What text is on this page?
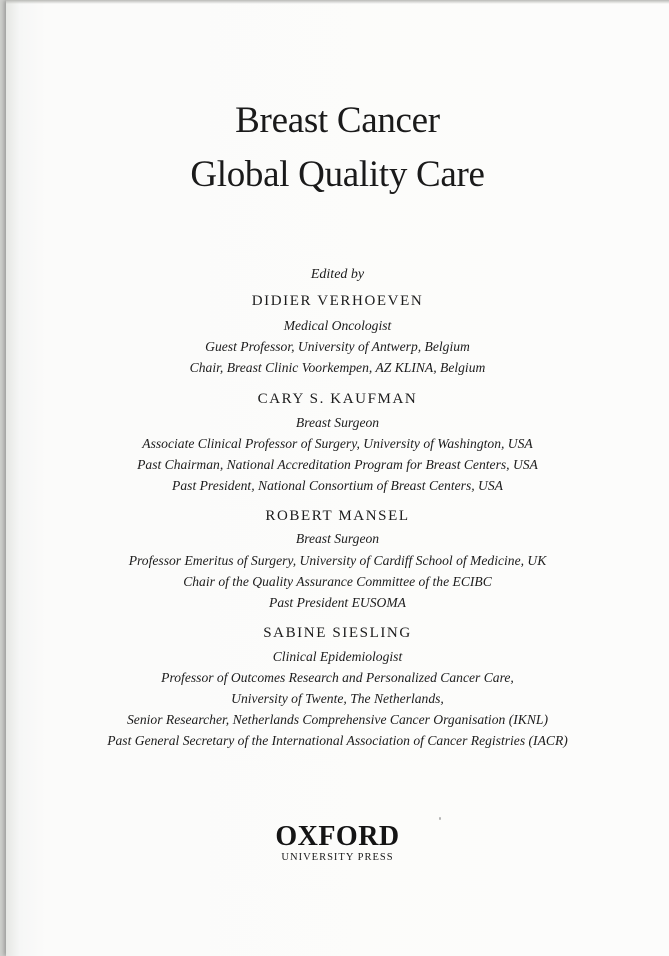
Breast Cancer
Global Quality Care
Edited by
DIDIER VERHOEVEN
Medical Oncologist
Guest Professor, University of Antwerp, Belgium
Chair, Breast Clinic Voorkempen, AZ KLINA, Belgium
CARY S. KAUFMAN
Breast Surgeon
Associate Clinical Professor of Surgery, University of Washington, USA
Past Chairman, National Accreditation Program for Breast Centers, USA
Past President, National Consortium of Breast Centers, USA
ROBERT MANSEL
Breast Surgeon
Professor Emeritus of Surgery, University of Cardiff School of Medicine, UK
Chair of the Quality Assurance Committee of the ECIBC
Past President EUSOMA
SABINE SIESLING
Clinical Epidemiologist
Professor of Outcomes Research and Personalized Cancer Care,
University of Twente, The Netherlands,
Senior Researcher, Netherlands Comprehensive Cancer Organisation (IKNL)
Past General Secretary of the International Association of Cancer Registries (IACR)
OXFORD
UNIVERSITY PRESS
